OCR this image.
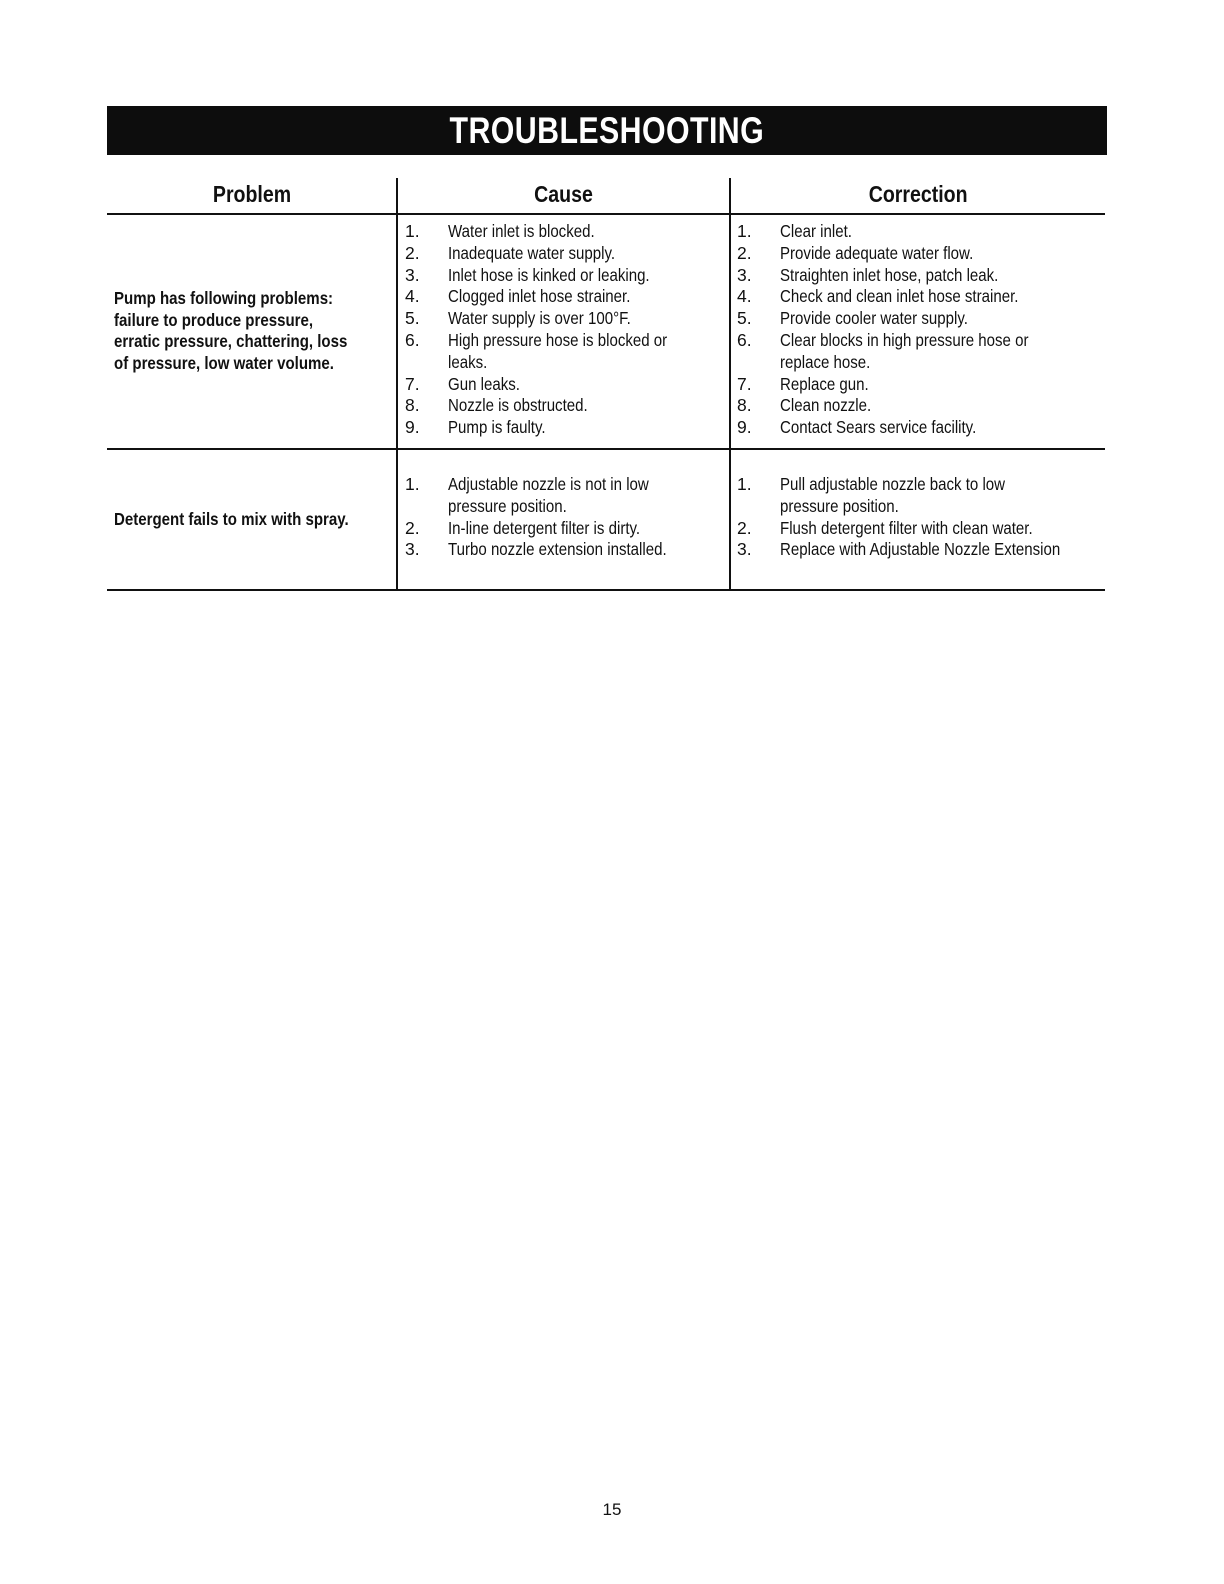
TROUBLESHOOTING
Problem	Cause	Correction
Pump has following problems:
failure to produce pressure,
erratic pressure, chattering, loss
of pressure, low water volume.
1. Water inlet is blocked.
2. Inadequate water supply.
3. Inlet hose is kinked or leaking.
4. Clogged inlet hose strainer.
5. Water supply is over 100°F.
6. High pressure hose is blocked or
leaks.
7. Gun leaks.
8. Nozzle is obstructed.
9. Pump is faulty.
1. Clear inlet.
2. Provide adequate water flow.
3. Straighten inlet hose, patch leak.
4. Check and clean inlet hose strainer.
5. Provide cooler water supply.
6. Clear blocks in high pressure hose or
replace hose.
7. Replace gun.
8. Clean nozzle.
9. Contact Sears service facility.
Detergent fails to mix with spray.
1. Adjustable nozzle is not in low
pressure position.
2. In-line detergent filter is dirty.
3. Turbo nozzle extension installed.
1. Pull adjustable nozzle back to low
pressure position.
2. Flush detergent filter with clean water.
3. Replace with Adjustable Nozzle Extension
15
